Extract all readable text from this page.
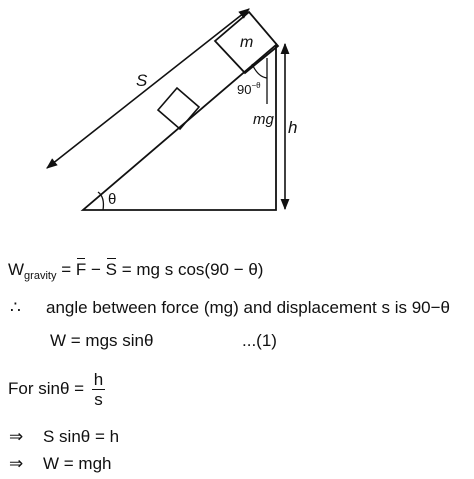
S
m
$90^{-\theta}$
mg h
θ
$W_{gravity} = F - S$ = mg s cos(90 − θ)
∴ angle between force (mg) and displacement s is 90−θ
W = mgs sinθ	...(1)
For $\sin\theta = \frac{h}{s}$
⇒ S sinθ = h
⇒ W = mgh
